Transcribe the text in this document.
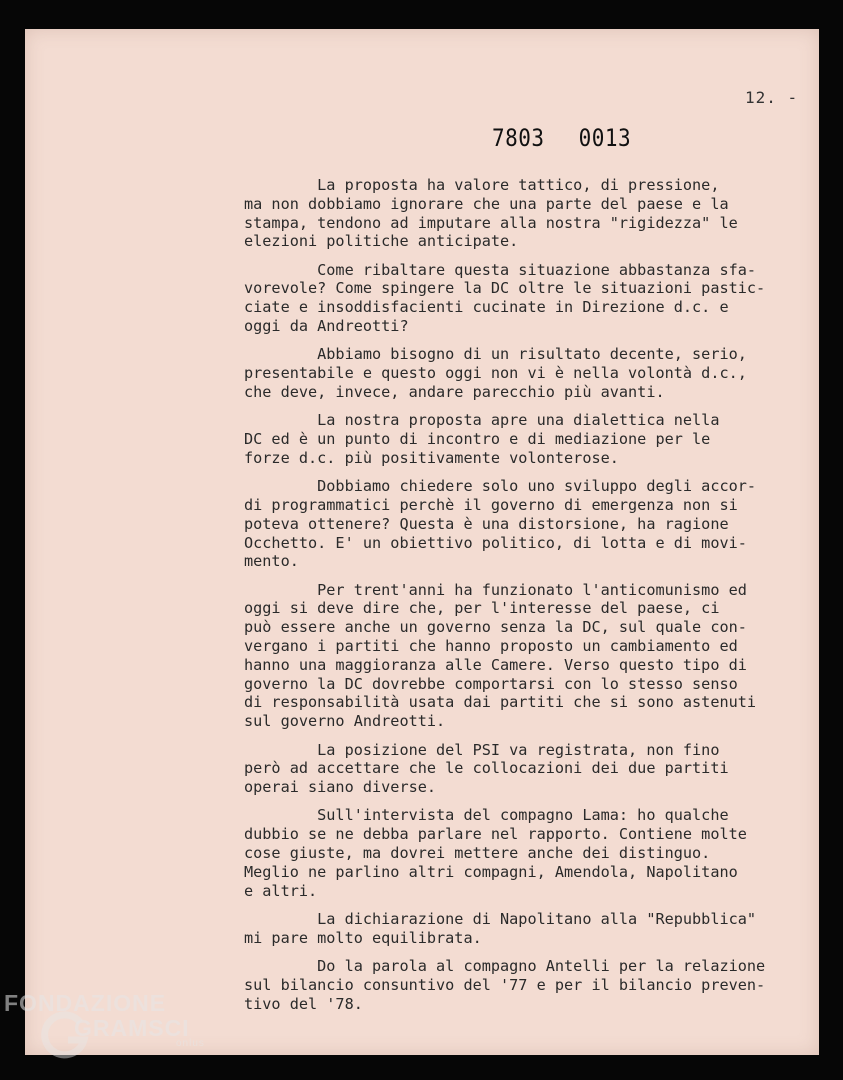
12. -
7803 0013
La proposta ha valore tattico, di pressione,
ma non dobbiamo ignorare che una parte del paese e la
stampa, tendono ad imputare alla nostra "rigidezza" le
elezioni politiche anticipate.
Come ribaltare questa situazione abbastanza sfa-
vorevole? Come spingere la DC oltre le situazioni pastic-
ciate e insoddisfacienti cucinate in Direzione d.c. e
oggi da Andreotti?
Abbiamo bisogno di un risultato decente, serio,
presentabile e questo oggi non vi è nella volontà d.c.,
che deve, invece, andare parecchio più avanti.
La nostra proposta apre una dialettica nella
DC ed è un punto di incontro e di mediazione per le
forze d.c. più positivamente volonterose.
Dobbiamo chiedere solo uno sviluppo degli accor-
di programmatici perchè il governo di emergenza non si
poteva ottenere? Questa è una distorsione, ha ragione
Occhetto. E' un obiettivo politico, di lotta e di movi-
mento.
Per trent'anni ha funzionato l'anticomunismo ed
oggi si deve dire che, per l'interesse del paese, ci
può essere anche un governo senza la DC, sul quale con-
vergano i partiti che hanno proposto un cambiamento ed
hanno una maggioranza alle Camere. Verso questo tipo di
governo la DC dovrebbe comportarsi con lo stesso senso
di responsabilità usata dai partiti che si sono astenuti
sul governo Andreotti.
La posizione del PSI va registrata, non fino
però ad accettare che le collocazioni dei due partiti
operai siano diverse.
Sull'intervista del compagno Lama: ho qualche
dubbio se ne debba parlare nel rapporto. Contiene molte
cose giuste, ma dovrei mettere anche dei distinguo.
Meglio ne parlino altri compagni, Amendola, Napolitano
e altri.
La dichiarazione di Napolitano alla "Repubblica"
mi pare molto equilibrata.
Do la parola al compagno Antelli per la relazione
sul bilancio consuntivo del '77 e per il bilancio preven-
tivo del '78.
FONDAZIONE
GRAMSCI
onlus
